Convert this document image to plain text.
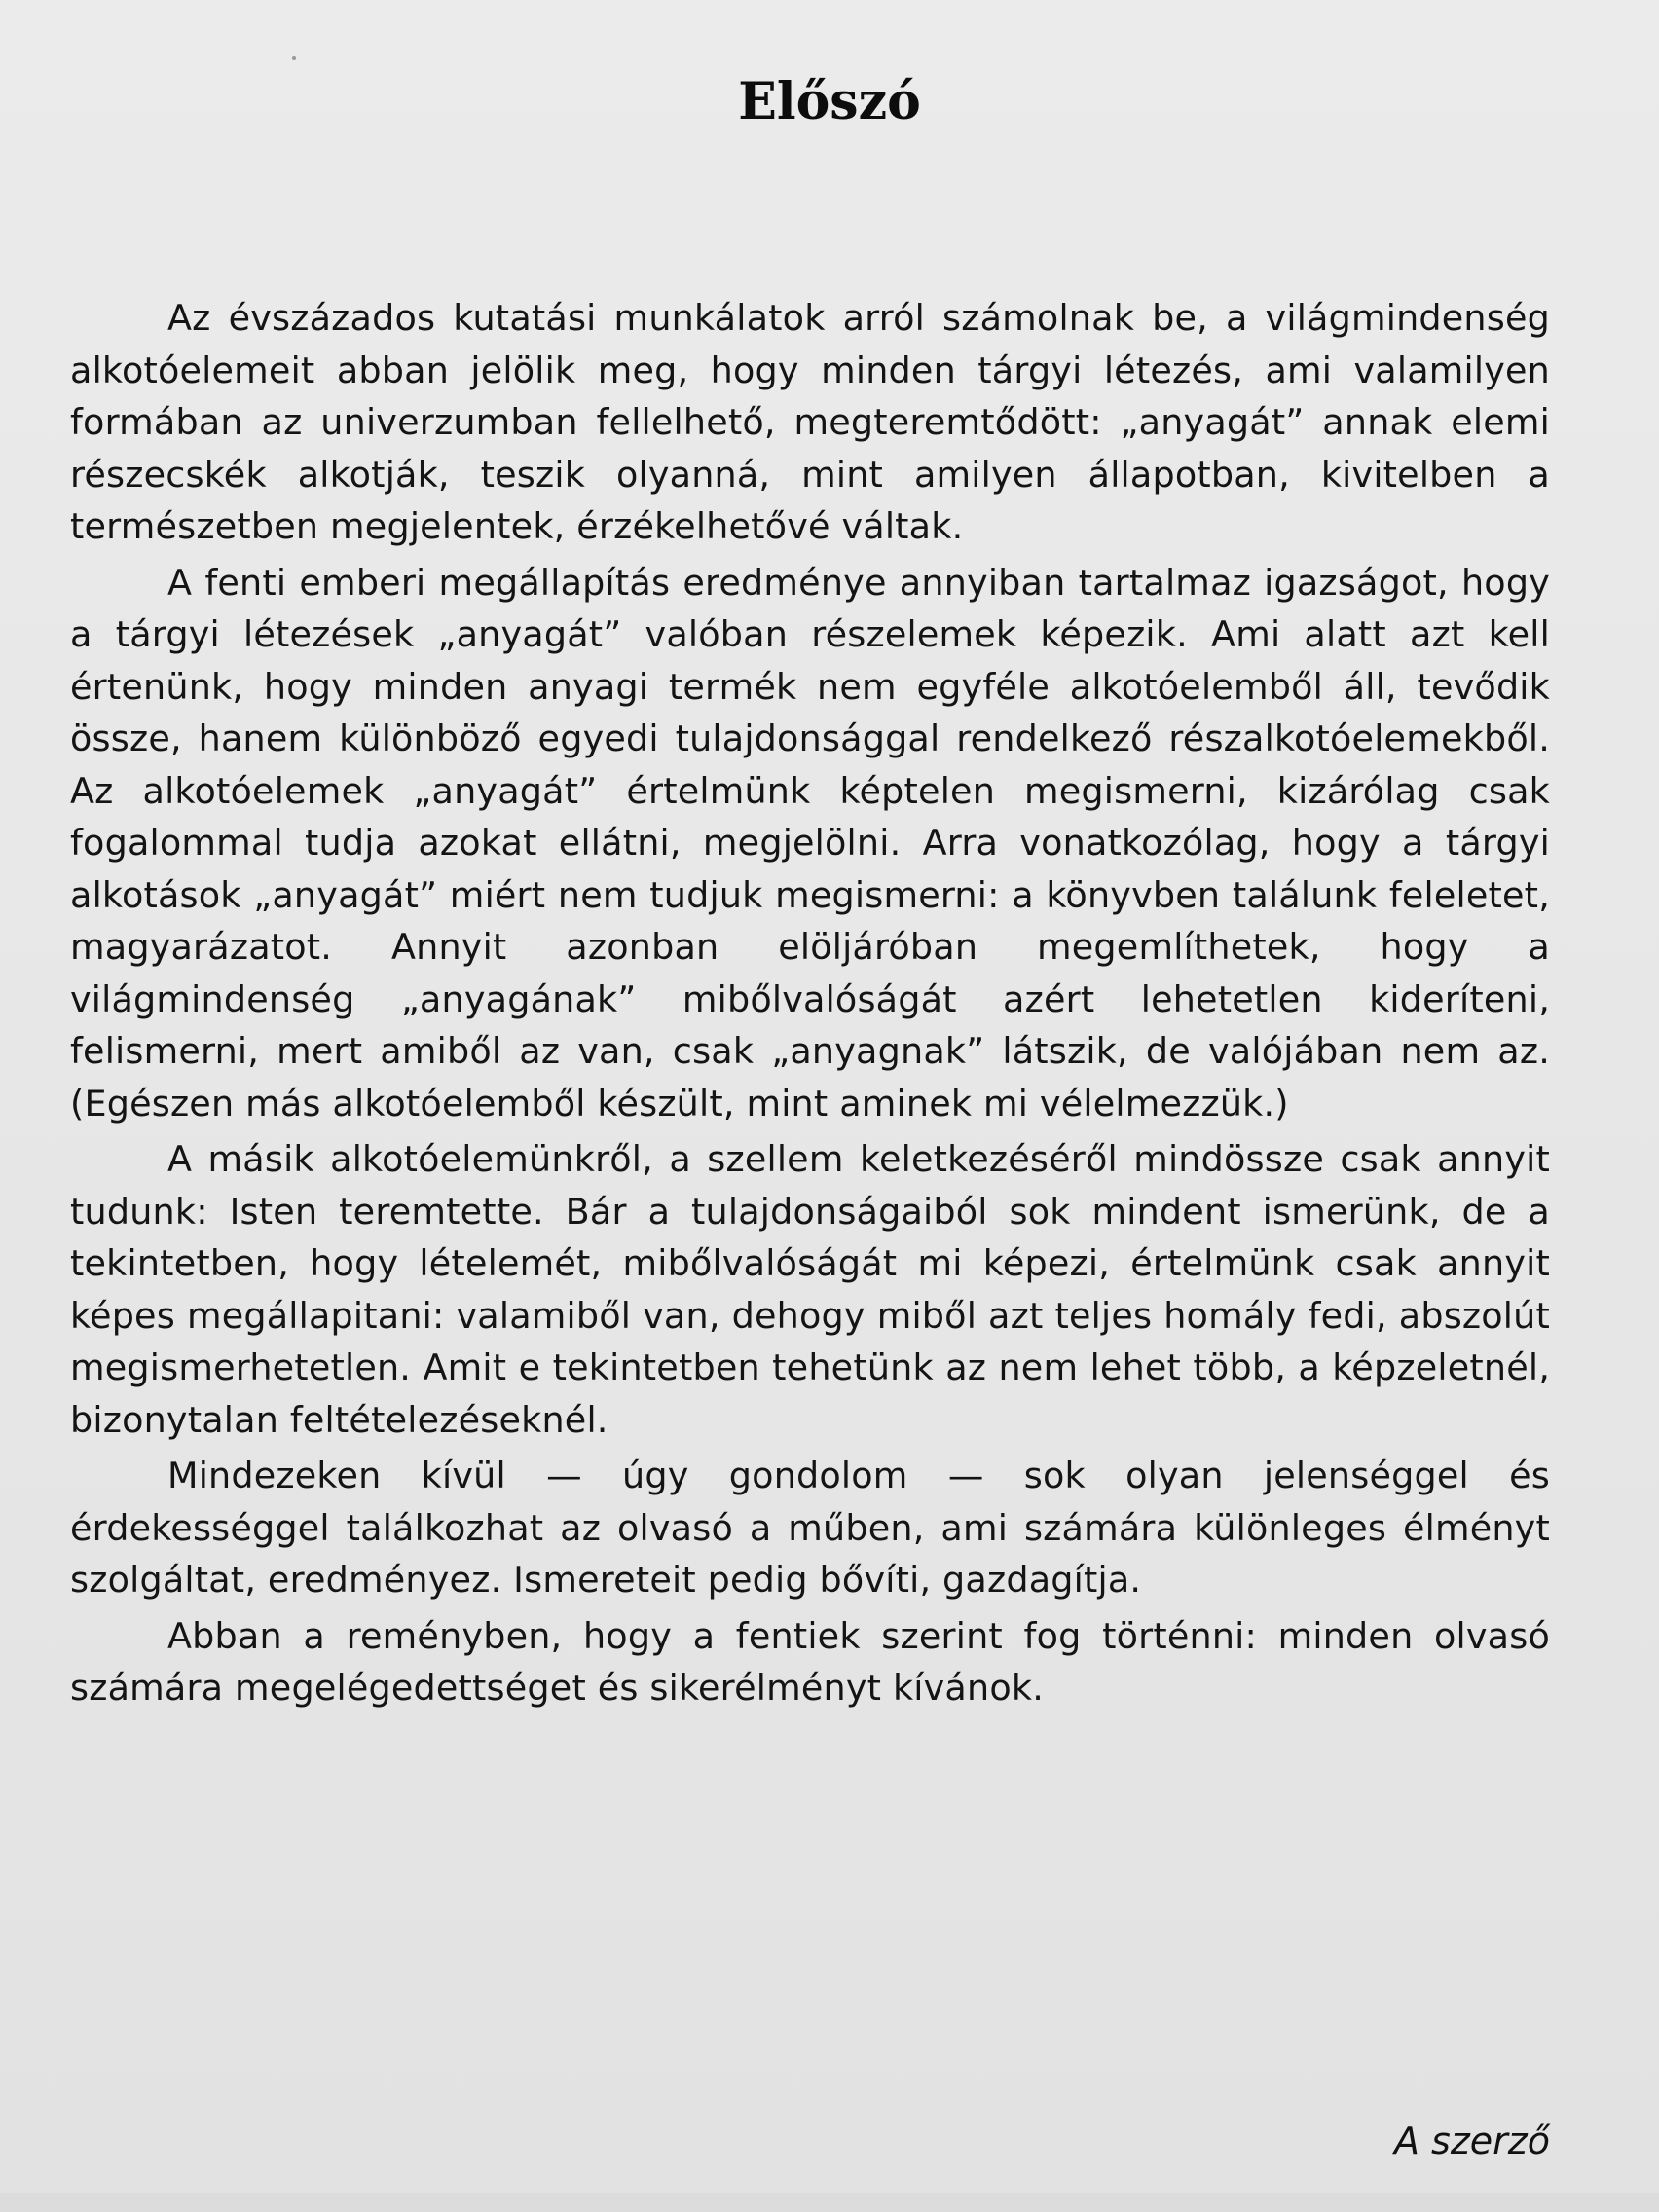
Előszó

Az évszázados kutatási munkálatok arról számolnak be, a világmindenség alkotóelemeit abban jelölik meg, hogy minden tárgyi létezés, ami valamilyen formában az univerzumban fellelhető, megteremtődött: „anyagát” annak elemi részecskék alkotják, teszik olyanná, mint amilyen állapotban, kivitelben a természetben megjelentek, érzékelhetővé váltak.

A fenti emberi megállapítás eredménye annyiban tartalmaz igazságot, hogy a tárgyi létezések „anyagát” valóban részelemek képezik. Ami alatt azt kell értenünk, hogy minden anyagi termék nem egyféle alkotóelemből áll, tevődik össze, hanem különböző egyedi tulajdonsággal rendelkező részalkotóelemekből. Az alkotóelemek „anyagát” értelmünk képtelen megismerni, kizárólag csak fogalommal tudja azokat ellátni, megjelölni. Arra vonatkozólag, hogy a tárgyi alkotások „anyagát” miért nem tudjuk megismerni: a könyvben találunk feleletet, magyarázatot. Annyit azonban elöljáróban megemlíthetek, hogy a világmindenség „anyagának” mibőlvalóságát azért lehetetlen kideríteni, felismerni, mert amiből az van, csak „anyagnak” látszik, de valójában nem az. (Egészen más alkotóelemből készült, mint aminek mi vélelmezzük.)

A másik alkotóelemünkről, a szellem keletkezéséről mindössze csak annyit tudunk: Isten teremtette. Bár a tulajdonságaiból sok mindent ismerünk, de a tekintetben, hogy lételemét, mibőlvalóságát mi képezi, értelmünk csak annyit képes megállapitani: valamiből van, dehogy miből azt teljes homály fedi, abszolút megismerhetetlen. Amit e tekintetben tehetünk az nem lehet több, a képzeletnél, bizonytalan feltételezéseknél.

Mindezeken kívül — úgy gondolom — sok olyan jelenséggel és érdekességgel találkozhat az olvasó a műben, ami számára különleges élményt szolgáltat, eredményez. Ismereteit pedig bővíti, gazdagítja.

Abban a reményben, hogy a fentiek szerint fog történni: minden olvasó számára megelégedettséget és sikerélményt kívánok.

A szerző
